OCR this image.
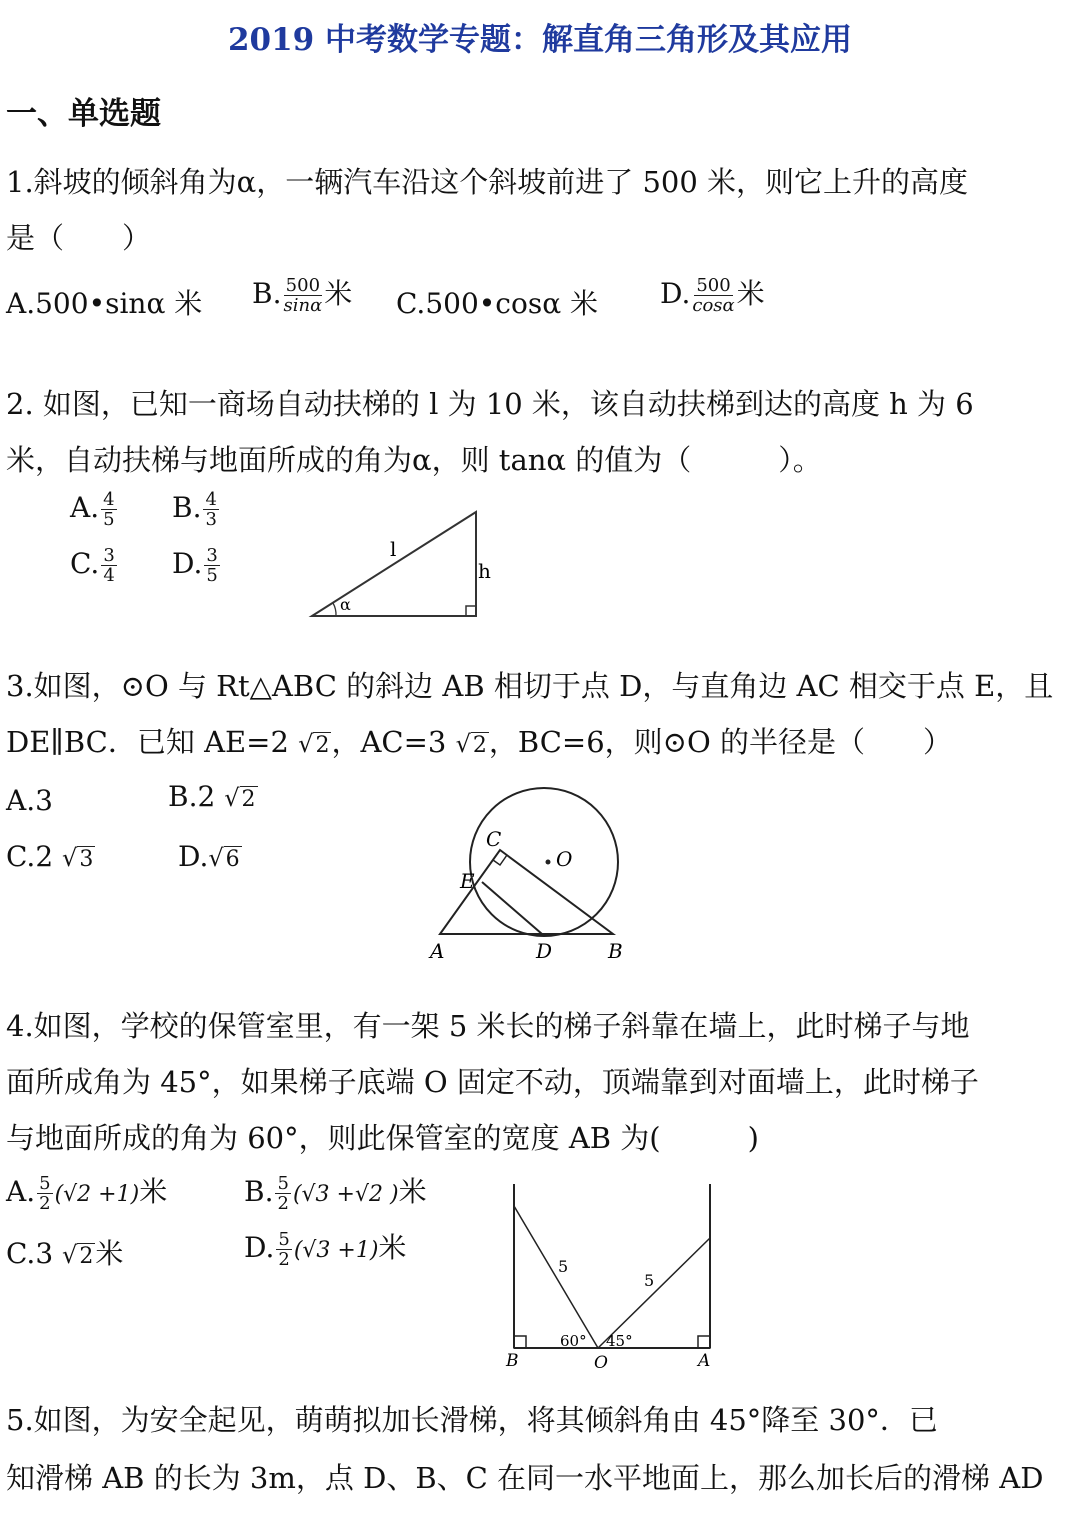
2019 中考数学专题：解直角三角形及其应用
一、单选题
1.斜坡的倾斜角为α，一辆汽车沿这个斜坡前进了 500 米，则它上升的高度
是（　　）
A.500•sinα 米 B. $\frac{500}{\sin\alpha}$ 米 C.500•cosα 米 D. $\frac{500}{\cos\alpha}$ 米
2. 如图，已知一商场自动扶梯的 l 为 10 米，该自动扶梯到达的高度 h 为 6
米，自动扶梯与地面所成的角为α，则 tanα 的值为（　　　）。
A. $\frac{4}{5} B$. $\frac{4}{3}$
C. $\frac{3}{4} D$. $\frac{3}{5}$	l
h
α
3.如图，⊙O 与 Rt△ABC 的斜边 AB 相切于点 D，与直角边 AC 相交于点 E，且
DE∥BC．已知 AE=2 √2，AC=3 √2，BC=6，则⊙O 的半径是（　　）
A.3	B.2 √2
C.2 √3	D.√6
C
O
E
A	D	B
4.如图，学校的保管室里，有一架 5 米长的梯子斜靠在墙上，此时梯子与地
面所成角为 45°，如果梯子底端 O 固定不动，顶端靠到对面墙上，此时梯子
与地面所成的角为 60°，则此保管室的宽度 AB 为(　　　)
A. $\frac{5}{2} (√2 +1)$米	B. $\frac{5}{2} (√3 +√2$ )米
C.3 √2米	D. $\frac{5}{2} (√3 +1)$米
5
5
60° 45°
B	O	A
5.如图，为安全起见，萌萌拟加长滑梯，将其倾斜角由 45°降至 30°．已
知滑梯 AB 的长为 3m，点 D、B、C 在同一水平地面上，那么加长后的滑梯 AD
